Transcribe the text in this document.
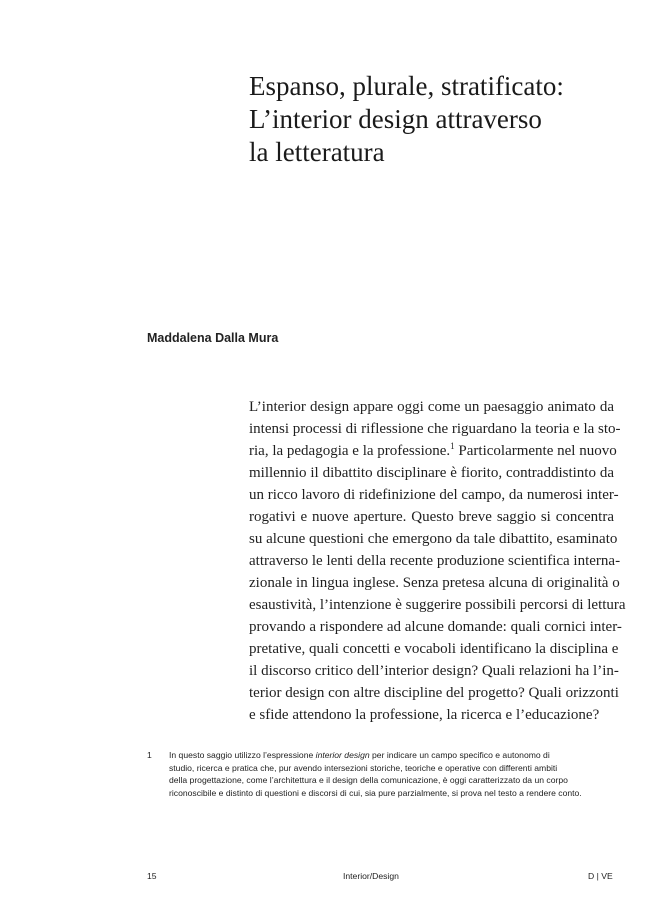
Espanso, plurale, stratificato:
L’interior design attraverso
la letteratura
Maddalena Dalla Mura
L’interior design appare oggi come un paesaggio animato da
intensi processi di riflessione che riguardano la teoria e la sto-
ria, la pedagogia e la professione.$^1$ Particolarmente nel nuovo
millennio il dibattito disciplinare è fiorito, contraddistinto da
un ricco lavoro di ridefinizione del campo, da numerosi inter-
rogativi e nuove aperture. Questo breve saggio si concentra
su alcune questioni che emergono da tale dibattito, esaminato
attraverso le lenti della recente produzione scientifica interna-
zionale in lingua inglese. Senza pretesa alcuna di originalità o
esaustività, l’intenzione è suggerire possibili percorsi di lettura
provando a rispondere ad alcune domande: quali cornici inter-
pretative, quali concetti e vocaboli identificano la disciplina e
il discorso critico dell’interior design? Quali relazioni ha l’in-
terior design con altre discipline del progetto? Quali orizzonti
e sfide attendono la professione, la ricerca e l’educazione?
1 In questo saggio utilizzo l’espressione interior design per indicare un campo specifico e autonomo di
studio, ricerca e pratica che, pur avendo intersezioni storiche, teoriche e operative con differenti ambiti
della progettazione, come l’architettura e il design della comunicazione, è oggi caratterizzato da un corpo
riconoscibile e distinto di questioni e discorsi di cui, sia pure parzialmente, si prova nel testo a rendere conto.
15	Interior/Design	D | VE
